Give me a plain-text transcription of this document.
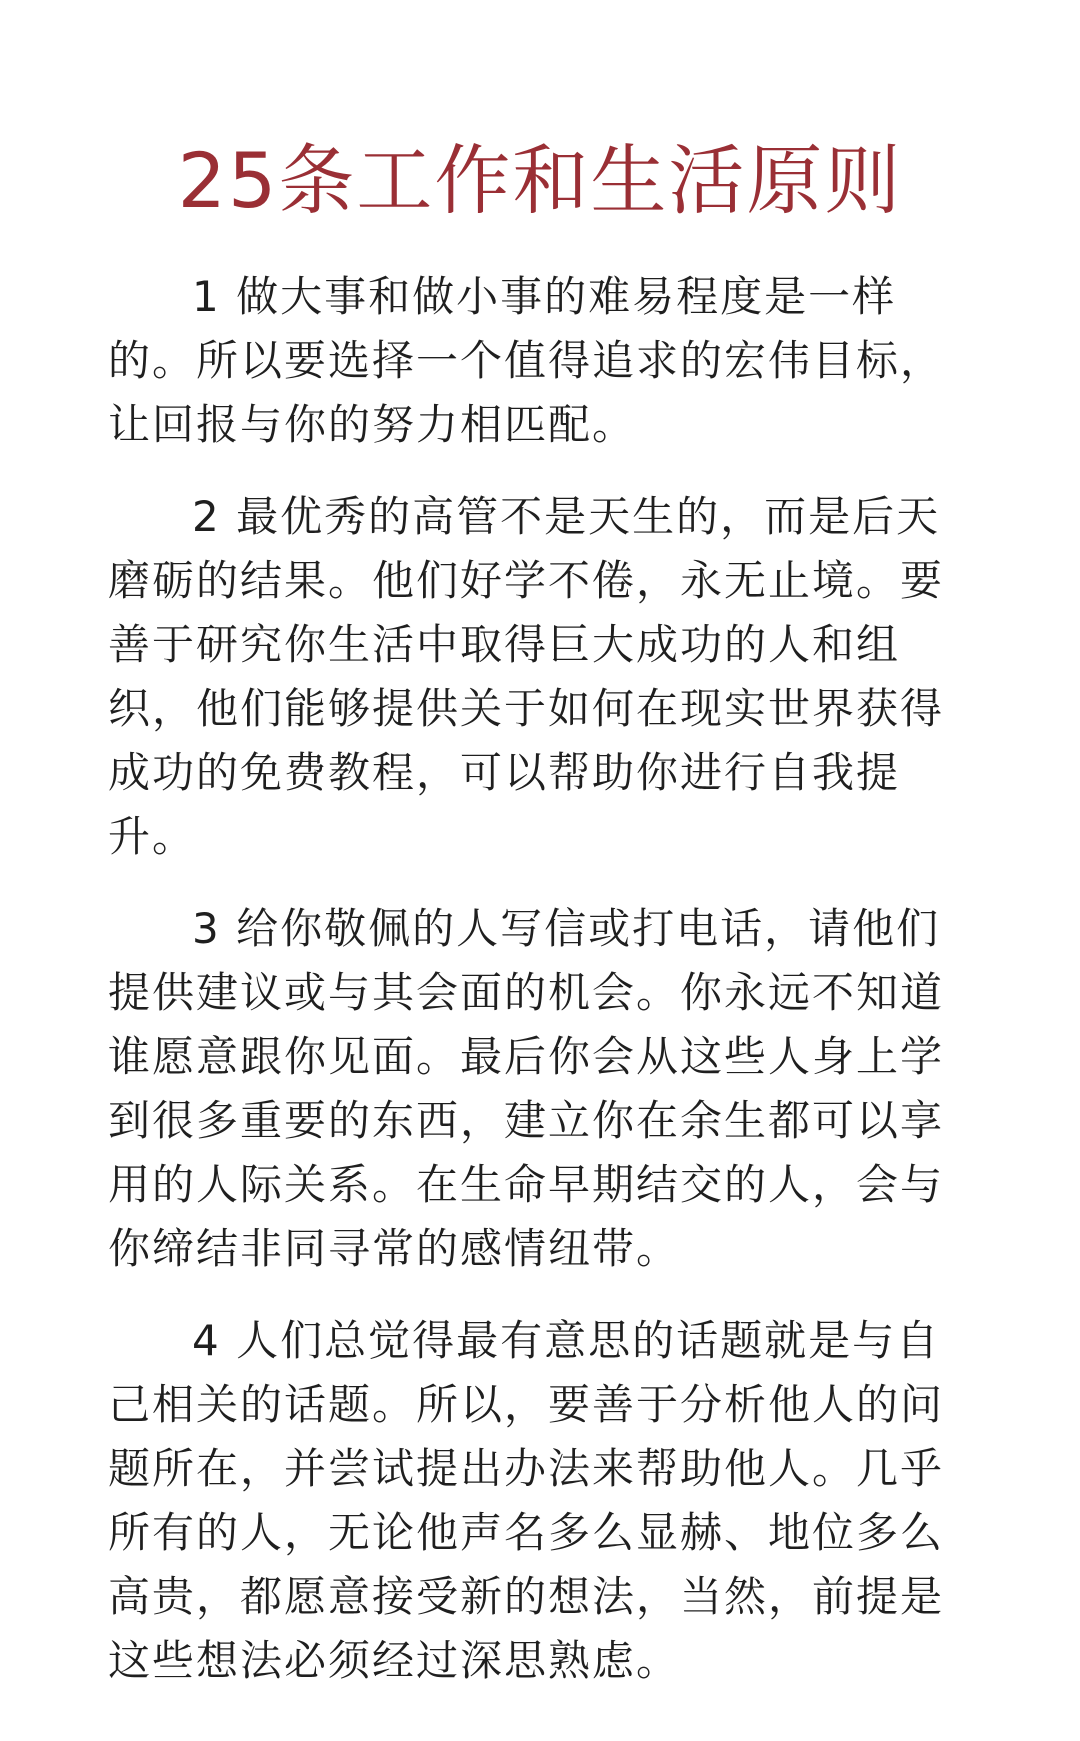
25条工作和生活原则

1 做大事和做小事的难易程度是一样的。所以要选择一个值得追求的宏伟目标，让回报与你的努力相匹配。

2 最优秀的高管不是天生的，而是后天磨砺的结果。他们好学不倦，永无止境。要善于研究你生活中取得巨大成功的人和组织，他们能够提供关于如何在现实世界获得成功的免费教程，可以帮助你进行自我提升。

3 给你敬佩的人写信或打电话，请他们提供建议或与其会面的机会。你永远不知道谁愿意跟你见面。最后你会从这些人身上学到很多重要的东西，建立你在余生都可以享用的人际关系。在生命早期结交的人，会与你缔结非同寻常的感情纽带。

4 人们总觉得最有意思的话题就是与自己相关的话题。所以，要善于分析他人的问题所在，并尝试提出办法来帮助他人。几乎所有的人，无论他声名多么显赫、地位多么高贵，都愿意接受新的想法，当然，前提是这些想法必须经过深思熟虑。
